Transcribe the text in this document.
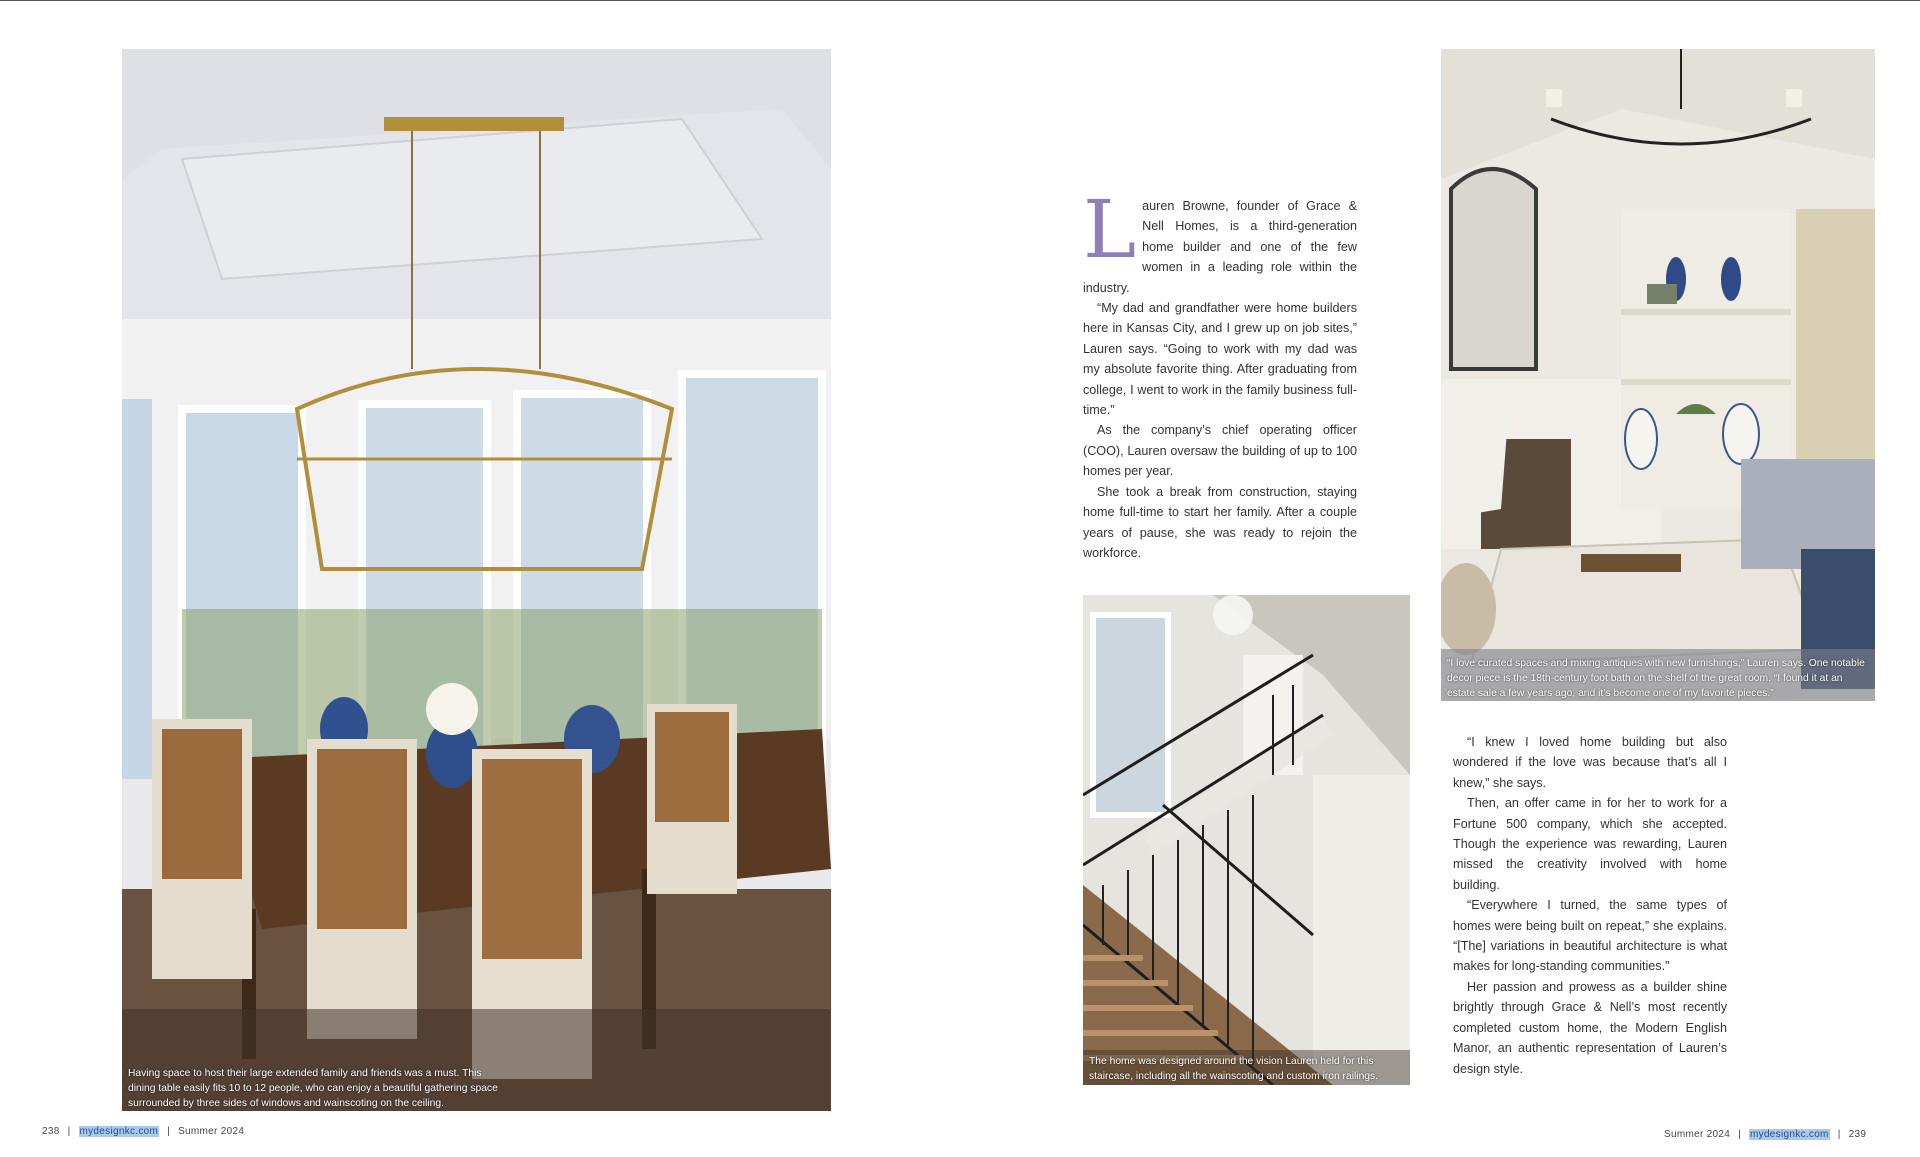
Having space to host their large extended family and friends was a must. This dining table easily fits 10 to 12 people, who can enjoy a beautiful gathering space surrounded by three sides of windows and wainscoting on the ceiling.

Lauren Browne, founder of Grace & Nell Homes, is a third-generation home builder and one of the few women in a leading role within the industry.

“My dad and grandfather were home builders here in Kansas City, and I grew up on job sites,” Lauren says. “Going to work with my dad was my absolute favorite thing. After graduating from college, I went to work in the family business full-time.”

As the company’s chief operating officer (COO), Lauren oversaw the building of up to 100 homes per year.

She took a break from construction, staying home full-time to start her family. After a couple years of pause, she was ready to rejoin the workforce.

“I love curated spaces and mixing antiques with new furnishings,” Lauren says. One notable decor piece is the 18th-century foot bath on the shelf of the great room. “I found it at an estate sale a few years ago, and it’s become one of my favorite pieces.”
The home was designed around the vision Lauren held for this staircase, including all the wainscoting and custom iron railings.

“I knew I loved home building but also wondered if the love was because that’s all I knew,” she says.

Then, an offer came in for her to work for a Fortune 500 company, which she accepted. Though the experience was rewarding, Lauren missed the creativity involved with home building.

“Everywhere I turned, the same types of homes were being built on repeat,” she explains. “[The] variations in beautiful architecture is what makes for long-standing communities.”

Her passion and prowess as a builder shine brightly through Grace & Nell’s most recently completed custom home, the Modern English Manor, an authentic representation of Lauren’s design style.

238 | mydesignkc.com | Summer 2024	Summer 2024 | mydesignkc.com | 239
